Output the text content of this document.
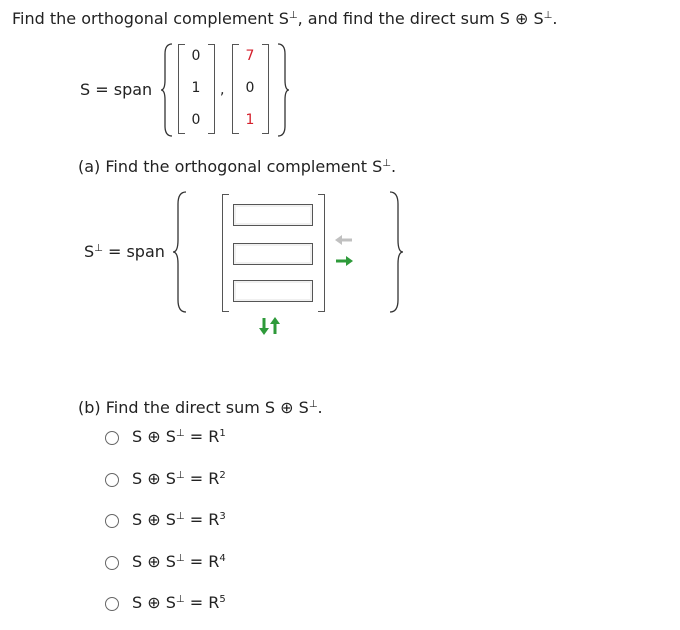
Find the orthogonal complement S⊥, and find the direct sum S ⊕ S⊥.
S = span
0
1
0
,
7
0
1
(a) Find the orthogonal complement S⊥.
S⊥ = span
(b) Find the direct sum S ⊕ S⊥.
S ⊕ $S^\perp = R^1$
S ⊕ $S^\perp = R^2$
S ⊕ $S^\perp = R^3$
S ⊕ $S^\perp = R^4$
S ⊕ $S^\perp = R^5$
